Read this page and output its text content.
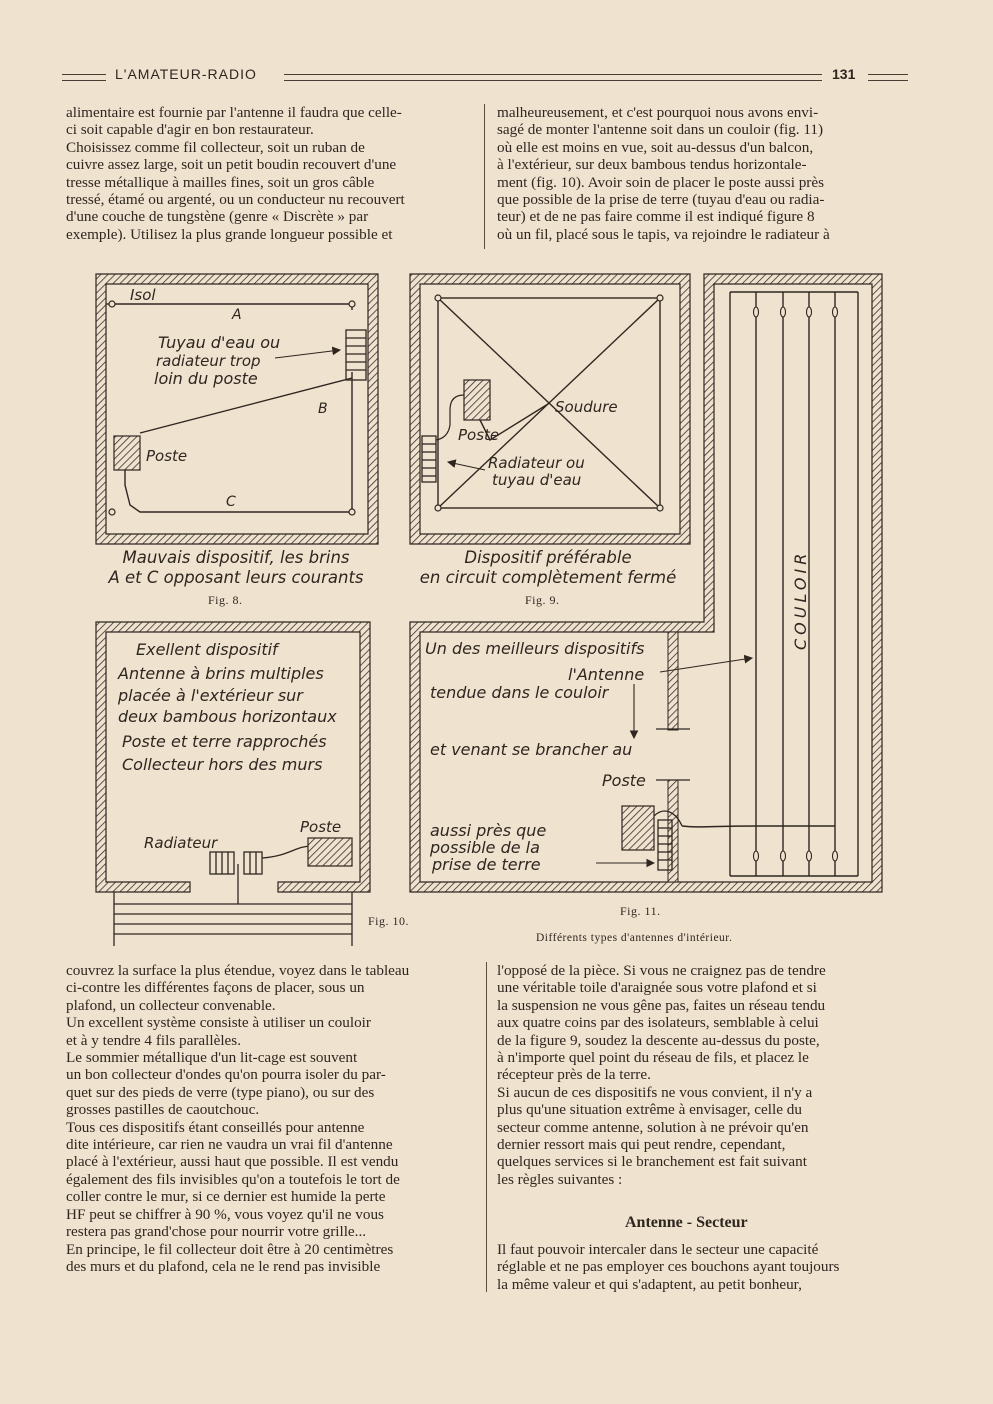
L'AMATEUR-RADIO	131
alimentaire est fournie par l'antenne il faudra que celle-
ci soit capable d'agir en bon restaurateur.
Choisissez comme fil collecteur, soit un ruban de
cuivre assez large, soit un petit boudin recouvert d'une
tresse métallique à mailles fines, soit un gros câble
tressé, étamé ou argenté, ou un conducteur nu recouvert
d'une couche de tungstène (genre « Discrète » par
exemple). Utilisez la plus grande longueur possible et
malheureusement, et c'est pourquoi nous avons envi-
sagé de monter l'antenne soit dans un couloir (fig. 11)
où elle est moins en vue, soit au-dessus d'un balcon,
à l'extérieur, sur deux bambous tendus horizontale-
ment (fig. 10). Avoir soin de placer le poste aussi près
que possible de la prise de terre (tuyau d'eau ou radia-
teur) et de ne pas faire comme il est indiqué figure 8
où un fil, placé sous le tapis, va rejoindre le radiateur à
Isol
A
B
C
Tuyau d'eau ou
radiateur trop
loin du poste
Poste
Soudure
Poste
Radiateur ou
tuyau d'eau
Exellent dispositif
Antenne à brins multiples
placée à l'extérieur sur
deux bambous horizontaux
Poste et terre rapprochés
Collecteur hors des murs
Radiateur
Poste
COULOIR
Un des meilleurs dispositifs
l'Antenne
tendue dans le couloir
et venant se brancher au
Poste
aussi près que
possible de la
prise de terre
Mauvais dispositif, les brins
A et C opposant leurs courants
Fig. 8.
Dispositif préférable
en circuit complètement fermé
Fig. 9.
Fig. 10.
Fig. 11.
Différents types d'antennes d'intérieur.
couvrez la surface la plus étendue, voyez dans le tableau
ci-contre les différentes façons de placer, sous un
plafond, un collecteur convenable.
Un excellent système consiste à utiliser un couloir
et à y tendre 4 fils parallèles.
Le sommier métallique d'un lit-cage est souvent
un bon collecteur d'ondes qu'on pourra isoler du par-
quet sur des pieds de verre (type piano), ou sur des
grosses pastilles de caoutchouc.
Tous ces dispositifs étant conseillés pour antenne
dite intérieure, car rien ne vaudra un vrai fil d'antenne
placé à l'extérieur, aussi haut que possible. Il est vendu
également des fils invisibles qu'on a toutefois le tort de
coller contre le mur, si ce dernier est humide la perte
HF peut se chiffrer à 90 %, vous voyez qu'il ne vous
restera pas grand'chose pour nourrir votre grille...
En principe, le fil collecteur doit être à 20 centimètres
des murs et du plafond, cela ne le rend pas invisible
l'opposé de la pièce. Si vous ne craignez pas de tendre
une véritable toile d'araignée sous votre plafond et si
la suspension ne vous gêne pas, faites un réseau tendu
aux quatre coins par des isolateurs, semblable à celui
de la figure 9, soudez la descente au-dessus du poste,
à n'importe quel point du réseau de fils, et placez le
récepteur près de la terre.
Si aucun de ces dispositifs ne vous convient, il n'y a
plus qu'une situation extrême à envisager, celle du
secteur comme antenne, solution à ne prévoir qu'en
dernier ressort mais qui peut rendre, cependant,
quelques services si le branchement est fait suivant
les règles suivantes :
Antenne - Secteur
Il faut pouvoir intercaler dans le secteur une capacité
réglable et ne pas employer ces bouchons ayant toujours
la même valeur et qui s'adaptent, au petit bonheur,
